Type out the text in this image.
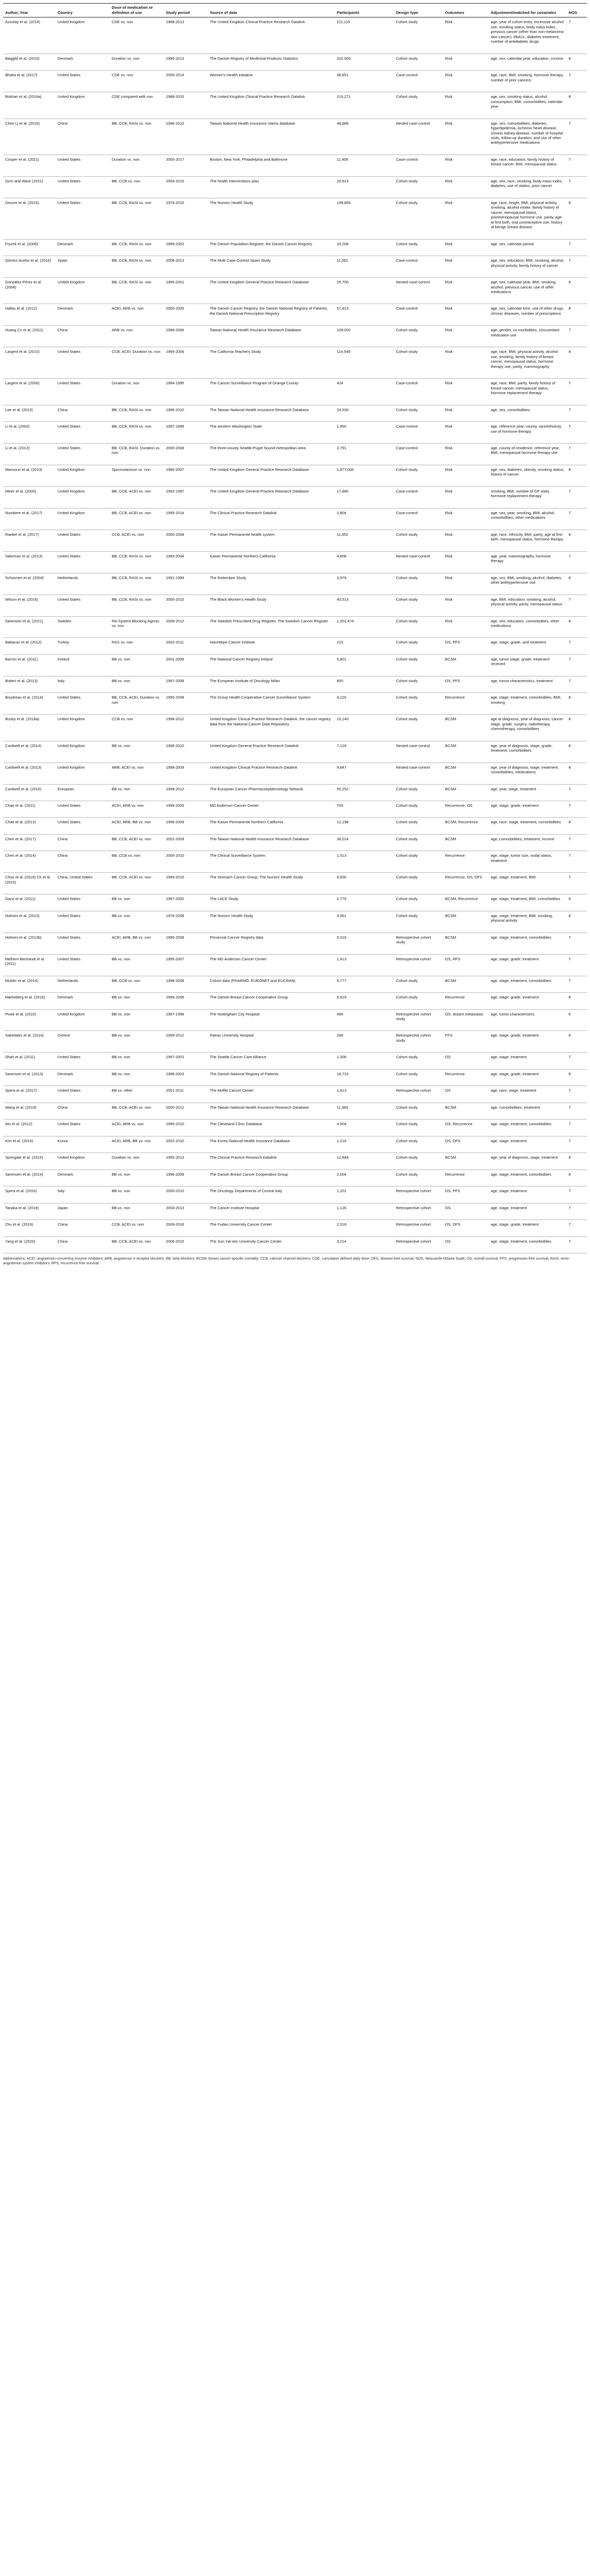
Author, Year	Country	Dose of medication or definition of use	Study period	Source of data	Participants	Design type	Outcomes	Adjustment/matched for covariates	NOS
Azoulay et al. (2014)	United Kingdom	CDE vs. non	1988-2013	The United Kingdom Clinical Practice Research Datalink	211,115	Cohort study	Risk	age, year of cohort entry, excessive alcohol use, smoking status, body mass index, previous cancer (other than non-melanoma skin cancer), HbA1c, diabetes treatment, number of antidiabetic drugs	7
Bøggild et al. (2015)	Denmark	Duration vs. non	1996-2013	The Danish Registry of Medicinal Products Statistics	202,500	Cohort study	Risk	age, sex, calendar year, education, income	8
Bhatia et al. (2017)	United States	CDE vs. non	2000-2014	Women's Health Initiative	98,851	Case-control	Risk	age, race, BMI, smoking, hormone therapy, number of prior cancers	7
Bokhari et al. (2018a)	United Kingdom	CDE compared with non	1988-2015	The United Kingdom Clinical Practice Research Datalink	216,271	Cohort study	Risk	age, sex, smoking status, alcohol consumption, BMI, comorbidities, calendar year	8
Chen Lj et al. (2016)	China	BB, CCB, RASI vs. non	1996-2010	Taiwan National Health Insurance claims database	48,888	Nested case-control	Risk	age, sex, comorbidities, diabetes, hyperlipidemia, ischemic heart disease, chronic kidney disease, number of hospital visits, follow-up duration, and use of other antihypertensive medications	7
Cooper et al. (2021)	United States	Duration vs. non	2000-2017	Boston, New York, Philadelphia and Baltimore	11,406	Case-control	Risk	age, race, education, family history of breast cancer, BMI, menopausal status	7
Dorn and Ware (2021)	United States	BB, CCB vs. non	2004-2015	The health interventions plan	20,913	Cohort study	Risk	age, sex, race, smoking, body mass index, diabetes, use of statins, prior cancer	7
Devore et al. (2015)	United States	BB, CCB, RASI vs. non	1976-2010	The Nurses' Health Study	199,866	Cohort study	Risk	age, race, height, BMI, physical activity, smoking, alcohol intake, family history of cancer, menopausal status, postmenopausal hormone use, parity, age at first birth, oral contraceptive use, history of benign breast disease	8
Fryzek et al. (2006)	Denmark	BB, CCB, RASI vs. non	1989-2002	The Danish Population Register, the Danish Cancer Registry	33,268	Cohort study	Risk	age, sex, calendar period	7
Gómez-Acebo et al. (2016)	Spain	BB, CCB, RASI vs. non	2008-2013	The Multi Case-Control Spain Study	11,061	Case-control	Risk	age, sex, education, BMI, smoking, alcohol, physical activity, family history of cancer	7
González-Pérez et al. (2004)	United Kingdom	BB, CCB, RASI vs. non	1995-2001	The United Kingdom General Practice Research Database	25,700	Nested case-control	Risk	age, sex, calendar year, BMI, smoking, alcohol, previous cancer, use of other medications	8
Hallas et al. (2012)	Denmark	ACEI, ARB vs. non	2000-2005	The Danish Cancer Registry, the Danish National Registry of Patients, the Danish National Prescription Registry	57,813	Case-control	Risk	age, sex, calendar time, use of other drugs, chronic diseases, number of prescriptions	8
Huang Cc et al. (2011)	China	ARB vs. non	1998-2006	Taiwan National Health Insurance Research Database	109,002	Cohort study	Risk	age, gender, co-morbidities, concomitant medication use	7
Largent et al. (2010)	United States	CCB, ACEI, Duration vs. non	1995-2006	The California Teachers Study	114,549	Cohort study	Risk	age, race, BMI, physical activity, alcohol use, smoking, family history of breast cancer, menopausal status, hormone therapy use, parity, mammography	8
Largent et al. (2006)	United States	Duration vs. non	1994-1995	The Cancer Surveillance Program of Orange County	424	Case-control	Risk	age, race, BMI, parity, family history of breast cancer, menopausal status, hormone replacement therapy	7
Lee et al. (2013)	China	BB, CCB, RASI vs. non	1996-2010	The Taiwan National Health Insurance Research Database	24,530	Cohort study	Risk	age, sex, comorbidities	7
Li et al. (2003)	United States	BB, CCB, RASI vs. non	1997-1999	The western Washington State	1,950	Case-control	Risk	age, reference year, county, race/ethnicity, use of hormone therapy	7
Li et al. (2013)	United States	BB, CCB, RASI, Duration vs. non	2000-2008	The three-county Seattle-Puget Sound metropolitan area	2,791	Case-control	Risk	age, county of residence, reference year, BMI, menopausal hormone therapy use	7
Mansouri et al. (2013)	United Kingdom	Spironolactone vs. non	1990-2007	The United Kingdom General Practice Research Database	1,877,000	Cohort study	Risk	age, sex, diabetes, obesity, smoking status, history of cancer	8
Meier et al. (2000)	United Kingdom	BB, CCB, ACEI vs. non	1992-1997	The United Kingdom General Practice Research Database	17,880	Case-control	Risk	smoking, BMI, number of GP visits, hormone replacement therapy	7
Numbere et al. (2017)	United Kingdom	BB, CCB, ACEI vs. non	1995-2014	The Clinical Practice Research Datalink	2,804	Case-control	Risk	age, sex, year, smoking, BMI, alcohol, comorbidities, other medications	7
Raebel et al. (2017)	United States	CCB, ACEI vs. non	2000-2008	The Kaiser Permanente health system	11,652	Cohort study	Risk	age, race, ethnicity, BMI, parity, age at first birth, menopausal status, hormone therapy	8
Saltzman et al. (2013)	United States	BB, CCB, RASI vs. non	1993-2004	Kaiser Permanente Northern California	4,808	Nested case-control	Risk	age, year, mammography, hormone therapy	7
Schoonen et al. (2004)	Netherlands	BB, CCB, RASI vs. non	1991-1999	The Rotterdam Study	3,979	Cohort study	Risk	age, sex, BMI, smoking, alcohol, diabetes, other antihypertensive use	8
Wilson et al. (2016)	United States	BB, CCB, RASI vs. non	2000-2015	The Black Women's Health Study	40,513	Cohort study	Risk	age, BMI, education, smoking, alcohol, physical activity, parity, menopausal status	7
Sørensen et al. (2021)	Sweden	RA-System Blocking Agents vs. non	2006-2012	The Swedish Prescribed Drug Register, The Swedish Cancer Register	1,001,474	Cohort study	Risk	age, sex, education, comorbidities, other medications	8
Babacan et al. (2012)	Turkey	RAS vs. non	2002-2011	Hacettepe Cancer Institute	215	Cohort study	OS, PFS	age, stage, grade, and treatment	7
Barron et al. (2011)	Ireland	BB vs. non	2001-2006	The National Cancer Registry Ireland	5,801	Cohort study	BCSM	age, tumor stage, grade, treatment received	7
Botteri et al. (2013)	Italy	BB vs. non	1997-2008	The European Institute of Oncology Milan	800	Cohort study	OS, PFS	age, tumor characteristics, treatment	7
Boudreau et al. (2014)	United States	BB, CCB, ACEI, Duration vs. non	1990-2008	The Group Health Cooperative Cancer Surveillance System	4,216	Cohort study	Recurrence	age, stage, treatment, comorbidities, BMI, smoking	8
Busby et al. (2018a)	United Kingdom	CCB vs. non	1998-2012	United Kingdom Clinical Practice Research Datalink, the cancer registry data from the National Cancer Data Repository	15,140	Cohort study	BCSM	age at diagnosis, year of diagnosis, cancer stage, grade, surgery, radiotherapy, chemotherapy, comorbidities	8
Cardwell et al. (2014)	United Kingdom	BB vs. non	1998-2010	United Kingdom General Practice Research Datalink	7,129	Nested case-control	BCSM	age, year of diagnosis, stage, grade, treatment, comorbidities	8
Cardwell et al. (2013)	United Kingdom	ARB, ACEI vs. non	1998-2009	United Kingdom Clinical Practice Research Datalink	9,847	Nested case-control	BCSM	age, year of diagnosis, stage, treatment, comorbidities, medications	8
Cardwell et al. (2016)	European	BB vs. non	1998-2012	The European Cancer Pharmacoepidemiology Network	55,252	Cohort study	BCSM	age, year, stage, treatment	7
Chae et al. (2011)	United States	ACEI, ARB vs. non	1999-2005	MD Anderson Cancer Center	703	Cohort study	Recurrence, OS	age, stage, grade, treatment	7
Chae et al. (2013)	United States	ACEI, ARB, BB vs. non	1996-2009	The Kaiser Permanente Northern California	12,198	Cohort study	BCSM, Recurrence	age, race, stage, treatment, comorbidities	8
Chen et al. (2017)	China	BB, CCB, ACEI vs. non	2002-2009	The Taiwan National Health Insurance Research Database	38,014	Cohort study	BCSM	age, comorbidities, treatment, income	7
Chen et al. (2014)	China	BB, CCB vs. non	2000-2010	The Clinical Surveillance System	1,513	Cohort study	Recurrence	age, stage, tumor size, nodal status, treatment	7
Chou et al. (2016) Ch et al. (2016)	China, United States	BB, CCB, ACEI vs. non	1995-2010	The Stomach Cancer Group, The Nurses' Health Study	6,600	Cohort study	Recurrence, OS, DFS	age, stage, treatment, BMI	7
Ganz et al. (2011)	United States	BB vs. non	1997-2000	The LACE Study	1,779	Cohort study	BCSM, Recurrence	age, stage, treatment, BMI, comorbidities	8
Holmes et al. (2013)	United States	BB vs. non	1976-2008	The Nurses' Health Study	4,661	Cohort study	BCSM	age, stage, treatment, BMI, smoking, physical activity	8
Holmes et al. (2013b)	United States	ACEI, ARB, BB vs. non	1990-2008	Provincial Cancer Registry data	6,319	Retrospective cohort study	BCSM	age, stage, treatment, comorbidities	7
Melhem-Bertrandt et al. (2011)	United States	BB vs. non	1995-2007	The MD Anderson Cancer Center	1,413	Retrospective cohort	OS, RFS	age, stage, grade, treatment	7
Mulder et al. (2014)	Netherlands	BB, CCB vs. non	1998-2008	Cohort data (PHARMO, EURONET and EUCRAN)	6,777	Cohort study	BCSM	age, stage, treatment, comorbidities	7
Mørkeberg et al. (2016)	Denmark	BB vs. non	1996-2006	The Danish Breast Cancer Cooperative Group	6,619	Cohort study	Recurrence	age, stage, grade, treatment	8
Powe et al. (2010)	United Kingdom	BB vs. non	1997-1998	The Nottingham City Hospital	466	Retrospective cohort study	OS, distant metastasis	age, tumor characteristics	6
Sakellakis et al. (2014)	Greece	BB vs. non	1999-2012	Patras University Hospital	268	Retrospective cohort study	PFS	age, stage, grade, treatment	6
Shah et al. (2011)	United States	BB vs. non	1997-2001	The Seattle Cancer Care Alliance	1,306	Cohort study	OS	age, stage, treatment	7
Sørensen et al. (2013)	Denmark	BB vs. non	1996-2003	The Danish National Registry of Patients	18,733	Cohort study	Recurrence	age, stage, grade, treatment	8
Spera et al. (2017)	United States	BB vs. other	2001-2011	The Moffitt Cancer Center	1,413	Retrospective cohort	OS	age, race, stage, treatment	7
Wang et al. (2019)	China	BB, CCB, ACEI vs. non	2000-2012	The Taiwan National Health Insurance Research Database	11,865	Cohort study	BCSM	age, comorbidities, treatment	7
Wu et al. (2012)	United States	ACEI, ARB vs. non	1990-2010	The Cleveland Clinic Database	4,904	Cohort study	OS, Recurrence	age, stage, treatment, comorbidities	7
Kim et al. (2016)	Korea	ACEI, ARB, BB vs. non	2002-2010	The Korea National Health Insurance Database	1,216	Cohort study	OS, DFS	age, stage, treatment	7
Springate et al. (2015)	United Kingdom	Duration vs. non	1995-2013	The Clinical Practice Research Datalink	12,848	Cohort study	BCSM	age, year of diagnosis, stage, treatment	8
Sørensen et al. (2014)	Denmark	BB vs. non	1996-2008	The Danish Breast Cancer Cooperative Group	2,004	Cohort study	Recurrence	age, stage, treatment, comorbidities	8
Spera et al. (2016)	Italy	BB vs. non	2000-2010	The Oncology Departments of Central Italy	1,201	Retrospective cohort	OS, PFS	age, stage, treatment	7
Tanaka et al. (2018)	Japan	BB vs. non	2004-2013	The Cancer Institute Hospital	1,126	Retrospective cohort	OS	age, stage, treatment	7
Zhu et al. (2019)	China	CCB, ACEI vs. non	2009-2016	The Fudan University Cancer Center	2,018	Retrospective cohort	OS, DFS	age, stage, grade, treatment	7
Yang et al. (2020)	China	BB, CCB, ACEI vs. non	2006-2015	The Sun Yat-sen University Cancer Center	3,214	Retrospective cohort	OS	age, stage, treatment, comorbidities	7
Abbreviations: ACEI, angiotensin-converting enzyme inhibitors; ARB, angiotensin II receptor blockers; BB, beta blockers; BCSM, breast cancer-specific mortality; CCB, calcium channel blockers; CDE, cumulative defined daily dose; DFS, disease-free survival; NOS, Newcastle-Ottawa Scale; OS, overall survival; PFS, progression-free survival; RASI, renin-angiotensin system inhibitors; RFS, recurrence-free survival.
